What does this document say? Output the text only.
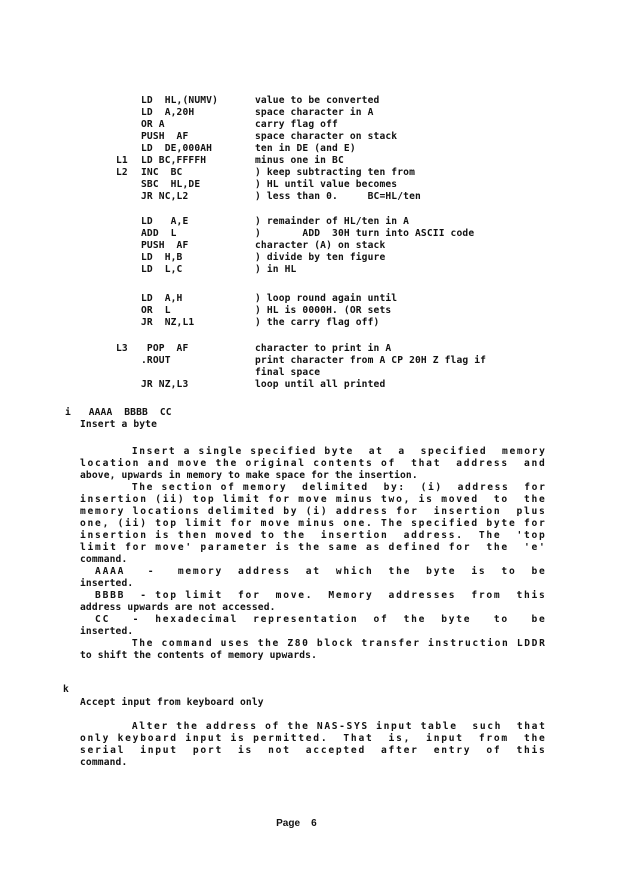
LD  HL,(NUMV)	value to be converted
LD  A,20H	space character in A
OR A	carry flag off
PUSH  AF	space character on stack
LD  DE,000AH	ten in DE (and E)
L1 LD BC,FFFFH	minus one in BC
L2 INC  BC	) keep subtracting ten from
SBC  HL,DE	) HL until value becomes
JR NC,L2	) less than 0.     BC=HL/ten
LD   A,E	) remainder of HL/ten in A
ADD  L	)       ADD  30H turn into ASCII code
PUSH  AF	character (A) on stack
LD  H,B	) divide by ten figure
LD  L,C	) in HL
LD  A,H	) loop round again until
OR  L	) HL is 0000H. (OR sets
JR  NZ,L1	) the carry flag off)
L3 POP  AF	character to print in A
.ROUT	print character from A CP 20H Z flag if
final space
JR NZ,L3	loop until all printed
i   AAAA  BBBB  CC
Insert a byte
Insert a single specified byte  at  a  specified  memory
location and move the original contents of  that  address  and
above, upwards in memory to make space for the insertion.
The section of memory  delimited  by:  (i)  address  for
insertion (ii) top limit for move minus two, is moved  to  the
memory locations delimited by (i) address for  insertion  plus
one, (ii) top limit for move minus one. The specified byte for
insertion is then moved to the  insertion  address.  The  'top
limit for move' parameter is the same as defined for  the  'e'
command.
AAAA   -   memory  address  at  which  the  byte  is  to  be
inserted.
BBBB  - top limit  for  move.  Memory  addresses  from  this
address upwards are not accessed.
CC   -  hexadecimal  representation  of  the  byte   to   be
inserted.
The command uses the Z80 block transfer instruction LDDR
to shift the contents of memory upwards.
k
Accept input from keyboard only
Alter the address of the NAS-SYS input table  such  that
only keyboard input is permitted.  That  is,  input  from  the
serial  input  port  is  not  accepted  after  entry  of  this
command.

Page 6
